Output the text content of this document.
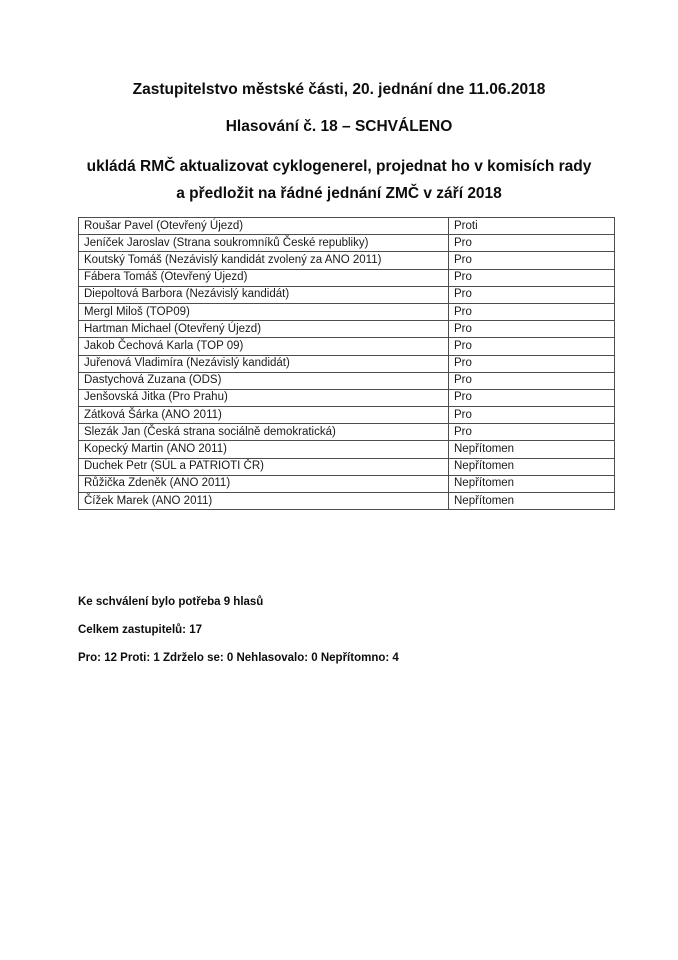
Zastupitelstvo městské části, 20. jednání dne 11.06.2018
Hlasování č. 18 – SCHVÁLENO
ukládá RMČ aktualizovat cyklogenerel, projednat ho v komisích rady
a předložit na řádné jednání ZMČ v září 2018
Roušar Pavel (Otevřený Újezd)	Proti
Jeníček Jaroslav (Strana soukromníků České republiky)	Pro
Koutský Tomáš (Nezávislý kandidát zvolený za ANO 2011)	Pro
Fábera Tomáš (Otevřený Újezd)	Pro
Diepoltová Barbora (Nezávislý kandidát)	Pro
Mergl Miloš (TOP09)	Pro
Hartman Michael (Otevřený Újezd)	Pro
Jakob Čechová Karla (TOP 09)	Pro
Juřenová Vladimíra (Nezávislý kandidát)	Pro
Dastychová Zuzana (ODS)	Pro
Jenšovská Jitka (Pro Prahu)	Pro
Zátková Šárka (ANO 2011)	Pro
Slezák Jan (Česká strana sociálně demokratická)	Pro
Kopecký Martin (ANO 2011)	Nepřítomen
Duchek Petr (SÚL a PATRIOTI ČR)	Nepřítomen
Růžička Zdeněk (ANO 2011)	Nepřítomen
Čížek Marek (ANO 2011)	Nepřítomen
Ke schválení bylo potřeba 9 hlasů
Celkem zastupitelů: 17
Pro: 12 Proti: 1 Zdrželo se: 0 Nehlasovalo: 0 Nepřítomno: 4
